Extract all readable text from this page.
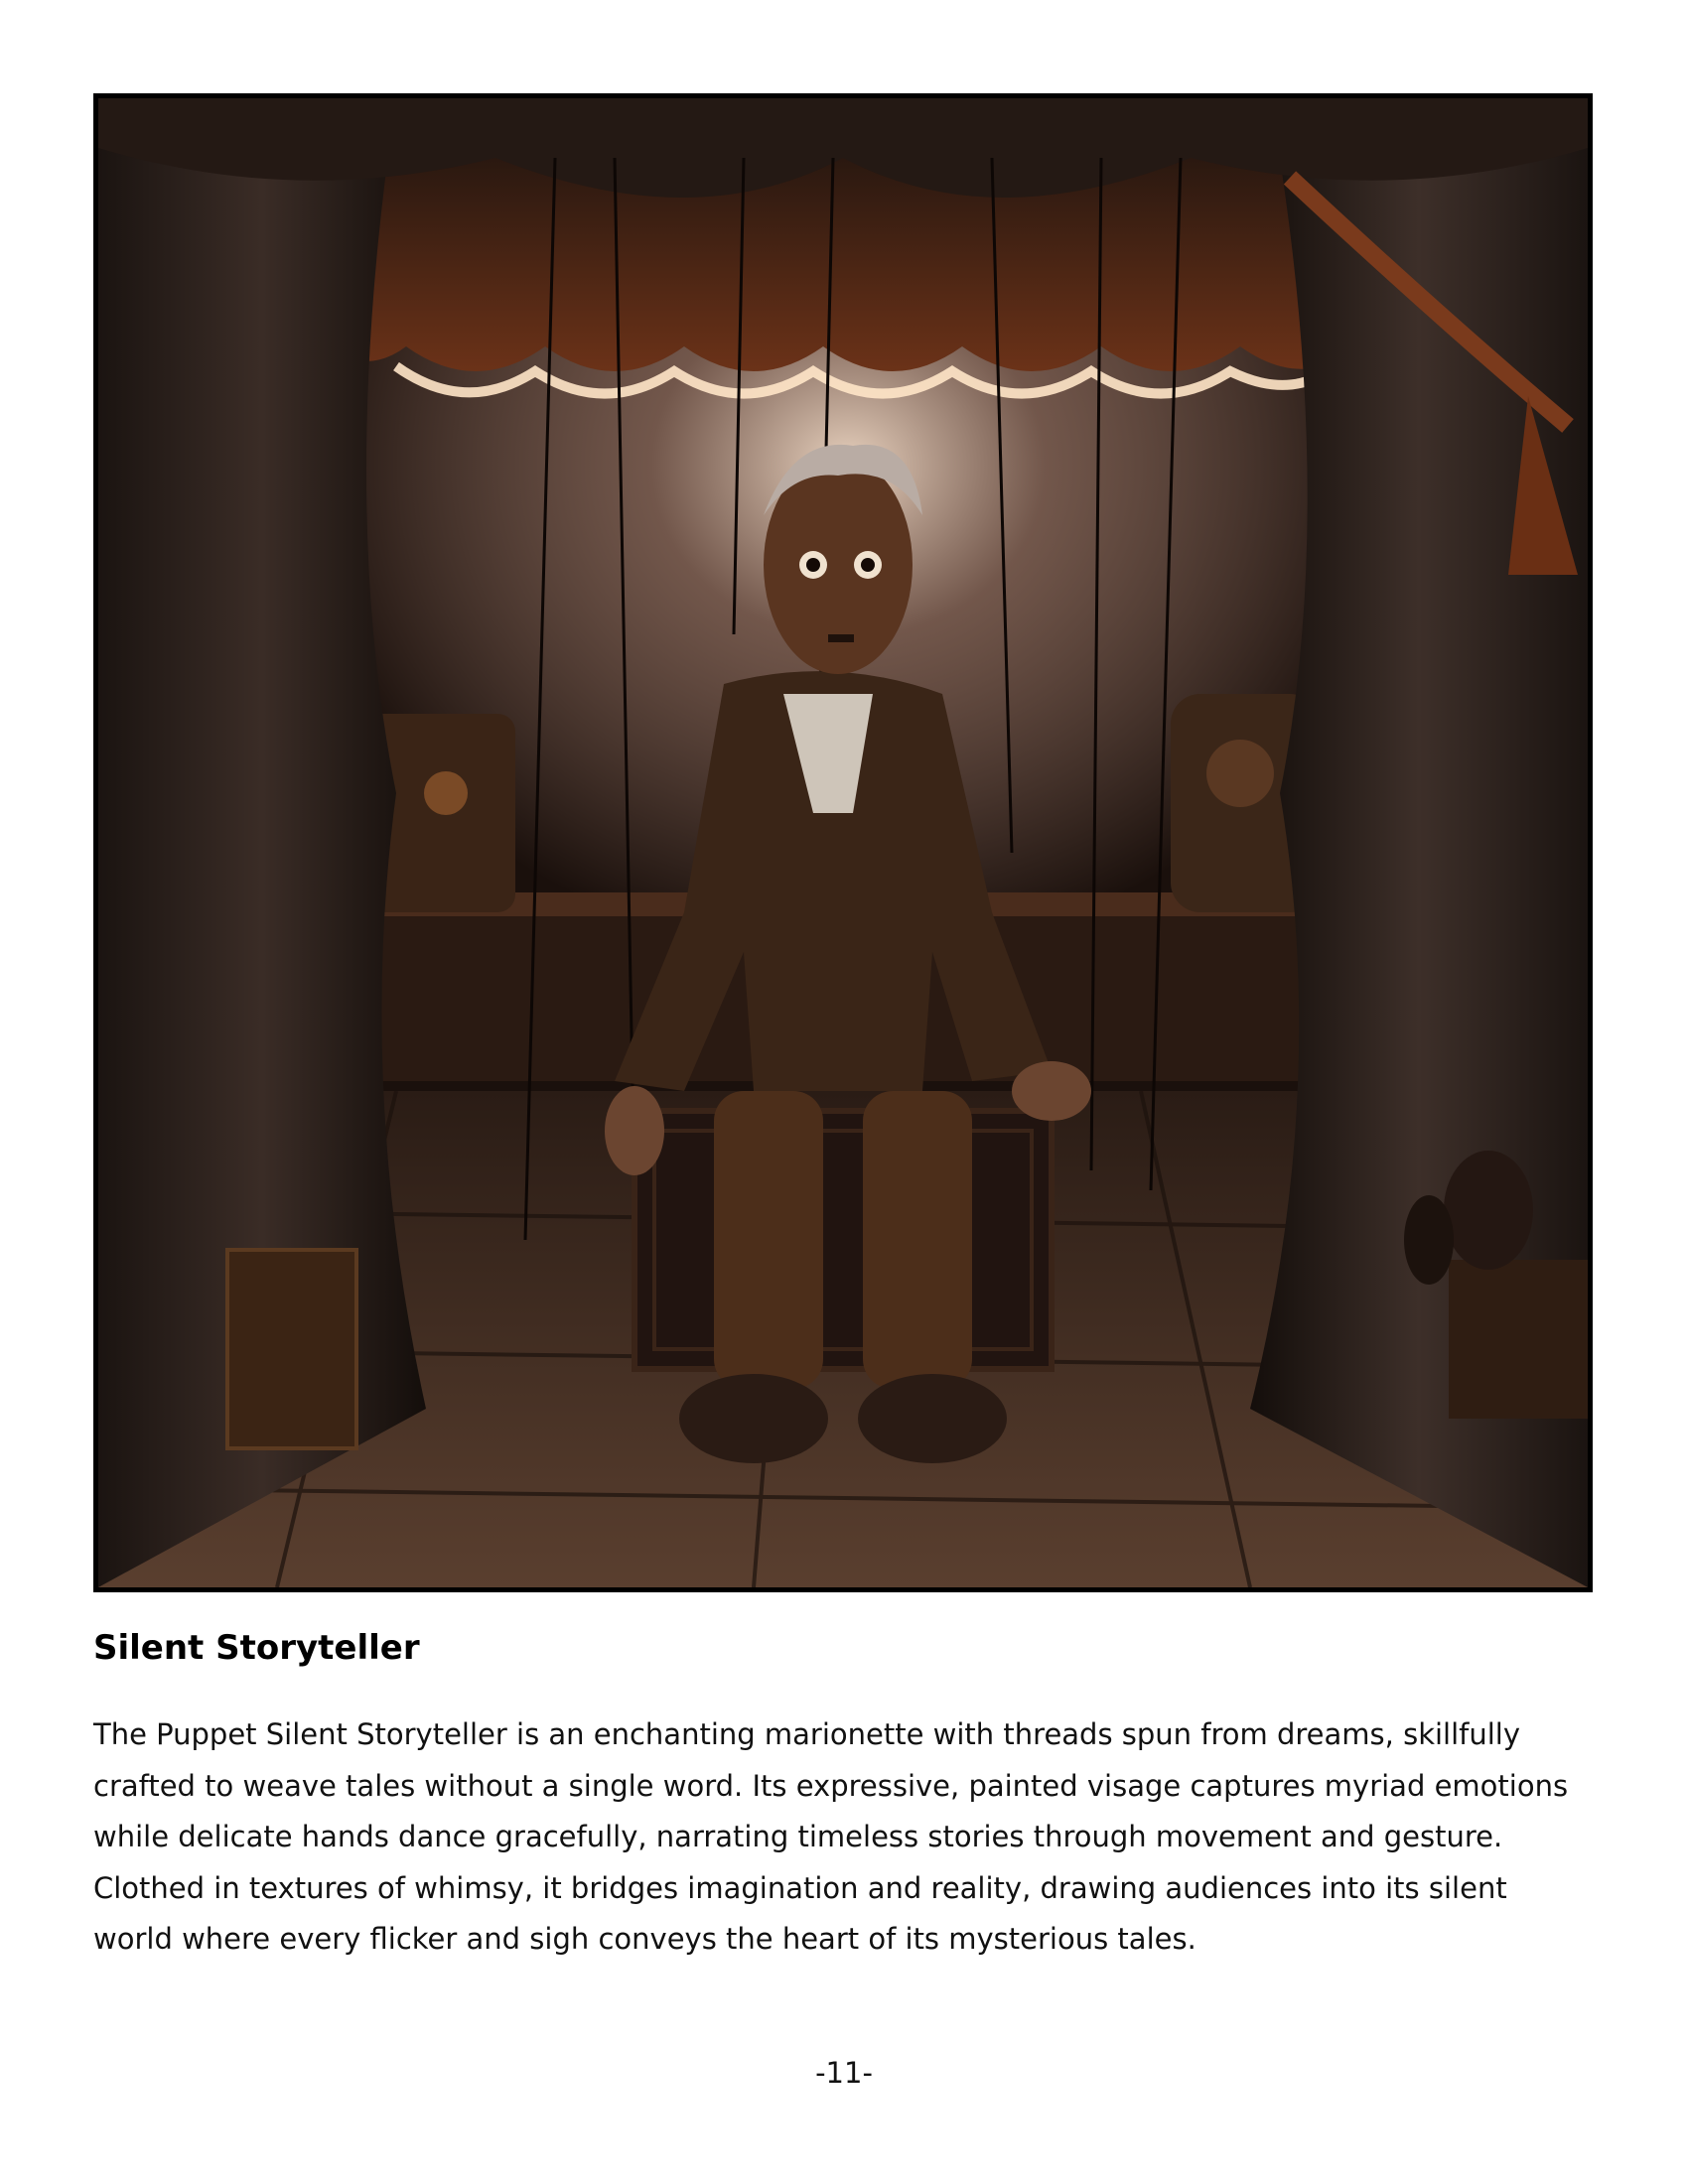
Silent Storyteller

The Puppet Silent Storyteller is an enchanting marionette with threads spun from dreams, skillfully
crafted to weave tales without a single word. Its expressive, painted visage captures myriad emotions
while delicate hands dance gracefully, narrating timeless stories through movement and gesture.
Clothed in textures of whimsy, it bridges imagination and reality, drawing audiences into its silent
world where every flicker and sigh conveys the heart of its mysterious tales.

-11-
